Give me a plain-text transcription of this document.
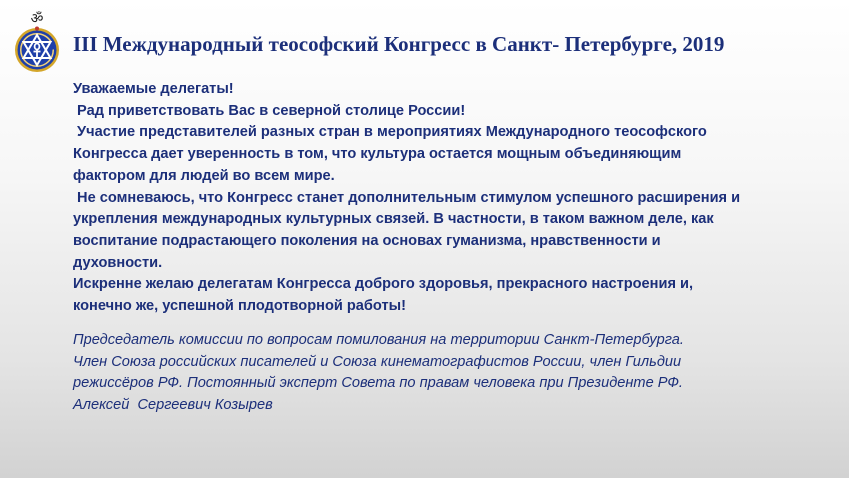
ॐ
III Международный теософский Конгресс в Санкт- Петербурге, 2019

Уважаемые делегаты!

Рад приветствовать Вас в северной столице России!

Участие представителей разных стран в мероприятиях Международного теософского

Конгресса дает уверенность в том, что культура остается мощным объединяющим

фактором для людей во всем мире.

Не сомневаюсь, что Конгресс станет дополнительным стимулом успешного расширения и

укрепления международных культурных связей. В частности, в таком важном деле, как

воспитание подрастающего поколения на основах гуманизма, нравственности и

духовности.

Искренне желаю делегатам Конгресса доброго здоровья, прекрасного настроения и,

конечно же, успешной плодотворной работы!

Председатель комиссии по вопросам помилования на территории Санкт-Петербурга.

Член Союза российских писателей и Союза кинематографистов России, член Гильдии

режиссёров РФ. Постоянный эксперт Совета по правам человека при Президенте РФ.

Алексей  Сергеевич Козырев
